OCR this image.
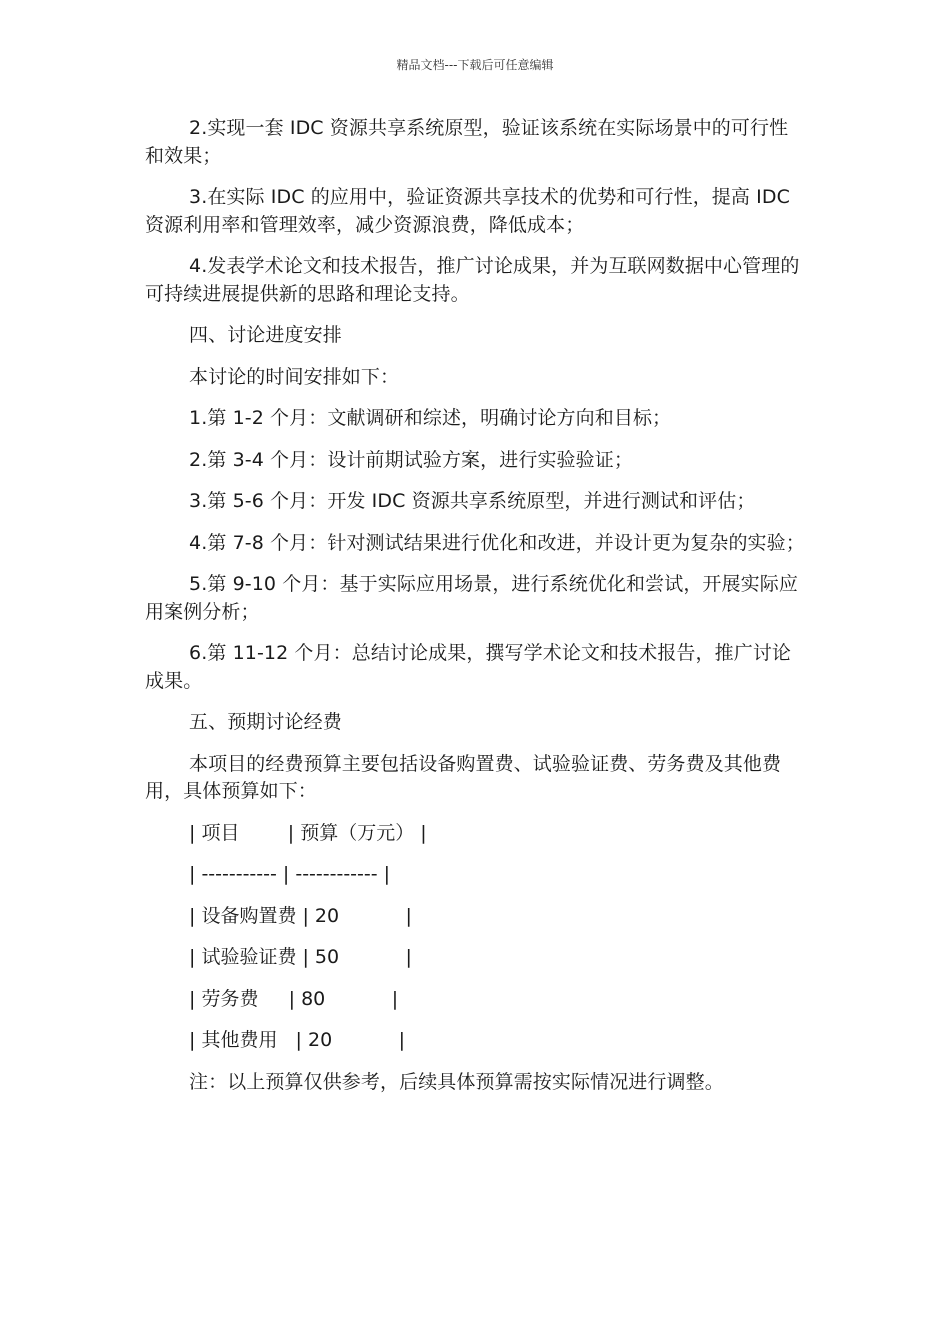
精品文档---下载后可任意编辑

2.实现一套 IDC 资源共享系统原型，验证该系统在实际场景中的可行性和效果；

3.在实际 IDC 的应用中，验证资源共享技术的优势和可行性，提高 IDC 资源利用率和管理效率，减少资源浪费，降低成本；

4.发表学术论文和技术报告，推广讨论成果，并为互联网数据中心管理的可持续进展提供新的思路和理论支持。

四、讨论进度安排

本讨论的时间安排如下：

1.第 1-2 个月：文献调研和综述，明确讨论方向和目标；

2.第 3-4 个月：设计前期试验方案，进行实验验证；

3.第 5-6 个月：开发 IDC 资源共享系统原型，并进行测试和评估；

4.第 7-8 个月：针对测试结果进行优化和改进，并设计更为复杂的实验；

5.第 9-10 个月：基于实际应用场景，进行系统优化和尝试，开展实际应用案例分析；

6.第 11-12 个月：总结讨论成果，撰写学术论文和技术报告，推广讨论成果。

五、预期讨论经费

本项目的经费预算主要包括设备购置费、试验验证费、劳务费及其他费用，具体预算如下：

| 项目        | 预算（万元） |
| ----------- | ------------ |
| 设备购置费 | 20           |
| 试验验证费 | 50           |
| 劳务费     | 80           |
| 其他费用   | 20           |

注：以上预算仅供参考，后续具体预算需按实际情况进行调整。
